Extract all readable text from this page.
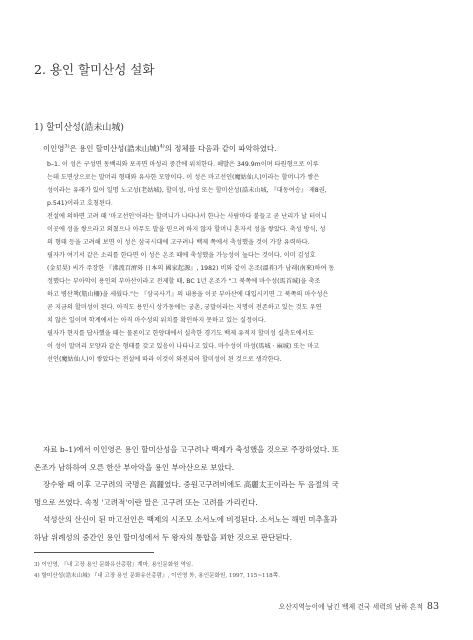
2. 용인 할미산성 설화
1) 할미산성(誥未山城)

이인영$^{3)}$은 용인 할미산성(誥未山城)$^{4)}$의 정체를 다음과 같이 파악하였다.

b–1. 이 성은 구성면 동백리와 포곡면 마성리 중간에 위치한다. 해발은 349.9m이며 타원형으로 이루

는데 도면상으로는 말머리 형태와 유사한 모양이다. 이 성은 마고선인(魔姑仙人)이라는 할머니가 쌓은

성이라는 유래가 있어 일명 노고성(老姑城), 할미성, 마성 또는 할미산성(誥未山城, 『대동여승』 제8권,

p.541)이라고 호칭된다.

전설에 의하면 고려 때 '마고선인'이라는 할머니가 나타나서 한나는 사람마다 붙들고 곧 난리가 날 터이니

이곳에 성을 쌓으라고 외쳤으나 아무도 말을 믿으려 하지 않자 할머니 혼자서 성을 쌓았다. 축성 방식, 성

의 형태 등을 고려해 보면 이 성은 삼국시대에 고구려나 백제 쪽에서 축성했을 것이 가장 유력하다.

필자가 여기서 같은 소리를 한다면 이 성은 온조 때에 축성했을 가능성이 높다는 것이다. 이미 김성호

(金星昊) 씨가 주장한 『沸流百濟와 日本의 國家起源』, 1982) 비와 같이 온조(溫祚)가 남래(南來)하여 동

정했다는 부아악이 용인의 부아산이라고 전제할 때, BC 1년 온조가 "그 북쪽에 마수성(馬首城)을 축조

하고 병산책(甁山柵)을 세웠다."는 『삼국사기』의 내용을 이곳 부아산에 대입시키면 그 북쪽의 마수성은

곧 지금의 할미성이 된다. 아직도 용인시 상가동에는 궁촌, 궁말이라는 지명이 전존하고 있는 것도 우연

치 않은 일이며 학계에서는 아직 마수성의 위치를 확인하지 못하고 있는 실정이다.

필자가 현지를 답사했을 때는 물론이고 한양대에서 실측한 경기도 백제 유적지 할미성 실측도에서도

이 성이 말머리 모양과 같은 형태를 갖고 있음이 나타나고 있다. 마수성이 마성(馬城 · 麻城) 또는 마고

선인(魔姑仙人)이 쌓았다는 전설에 따라 이것이 와전되어 할미성이 된 것으로 생각한다.

자료 b–1)에서 이인영은 용인 할미산성을 고구려나 백제가 축성했을 것으로 주장하였다. 또

온조가 남하하여 오른 한산 부아악을 용인 부아산으로 보았다.

장수왕 때 이후 고구려의 국명은 高麗였다. 중원고구려비에도 高麗太王이라는 두 음절의 국

명으로 쓰였다. 속칭 '고려적'이란 말은 고구려 또는 고려를 가리킨다.

석성산의 산신이 된 마고선인은 백제의 시조모 소서노에 비정된다. 소서노는 해빈 미추홀과

하남 위례성의 중간인 용인 할미성에서 두 왕자의 통합을 꾀한 것으로 판단된다.

3) 이인영, 『내 고장 용인 문화유산총람』계마, 용인문화원 역임.

4) 할미산성(誥未山城) 『내 고장 용인 문화유산총람』, 이인영 外, 용인문화원, 1997, 115~118쪽.

오산지역능이에 남긴 백제 건국 세력의 남하 흔적 83
